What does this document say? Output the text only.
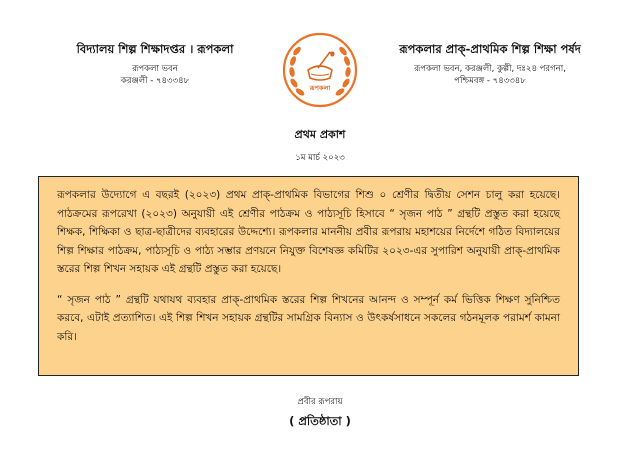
বিদ্যালয় শিল্প শিক্ষাদপ্তর । রূপকলা
রূপকলা ভবন
করঞ্জলী - ৭৪৩৩৪৮
রূপকলা
রূপকলার প্রাক্-প্রাথমিক শিল্প শিক্ষা পর্ষদ
রূপকলা ভবন, করঞ্জলী, কুল্পী, দঃ২৪ পরগনা,
পশ্চিমবঙ্গ - ৭৪৩৩৪৮
প্রথম প্রকাশ
১ম মার্চ ২০২৩

রূপকলার উদ্যোগে এ বছরই (২০২৩) প্রথম প্রাক্-প্রাথমিক বিভাগের শিশু ০ শ্রেণীর দ্বিতীয় সেশন চালু করা হয়েছে। পাঠক্রমের রূপরেখা (২০২৩) অনুযায়ী এই শ্রেণীর পাঠক্রম ও পাঠ্যসূচি হিসাবে “ সৃজন পাঠ ” গ্রন্থটি প্রস্তুত করা হয়েছে শিক্ষক, শিক্ষিকা ও ছাত্র-ছাত্রীদের ব্যবহারের উদ্দেশ্যে। রূপকলার মাননীয় প্রবীর রূপরায় মহাশয়ের নির্দেশে গঠিত বিদ্যালয়ের শিল্প শিক্ষার পাঠক্রম, পাঠ্যসূচি ও পাঠ্য সম্ভার প্রণয়নে নিযুক্ত বিশেষজ্ঞ কমিটির ২০২৩-এর সুপারিশ অনুযায়ী প্রাক্-প্রাথমিক স্তরের শিল্প শিখন সহায়ক এই গ্রন্থটি প্রস্তুত করা হয়েছে।

“ সৃজন পাঠ ” গ্রন্থটি যথাযথ ব্যবহার প্রাক্-প্রাথমিক স্তরের শিল্প শিখনের আনন্দ ও সম্পূর্ন কর্ম ভিত্তিক শিক্ষণ সুনিশ্চিত করবে, এটাই প্রত্যাশিত। এই শিল্প শিখন সহায়ক গ্রন্থটির সামগ্রিক বিন্যাস ও উৎকর্ষসাধনে সকলের গঠনমূলক পরামর্শ কামনা করি।

প্রবীর রূপরায়
( প্রতিষ্ঠাতা )
